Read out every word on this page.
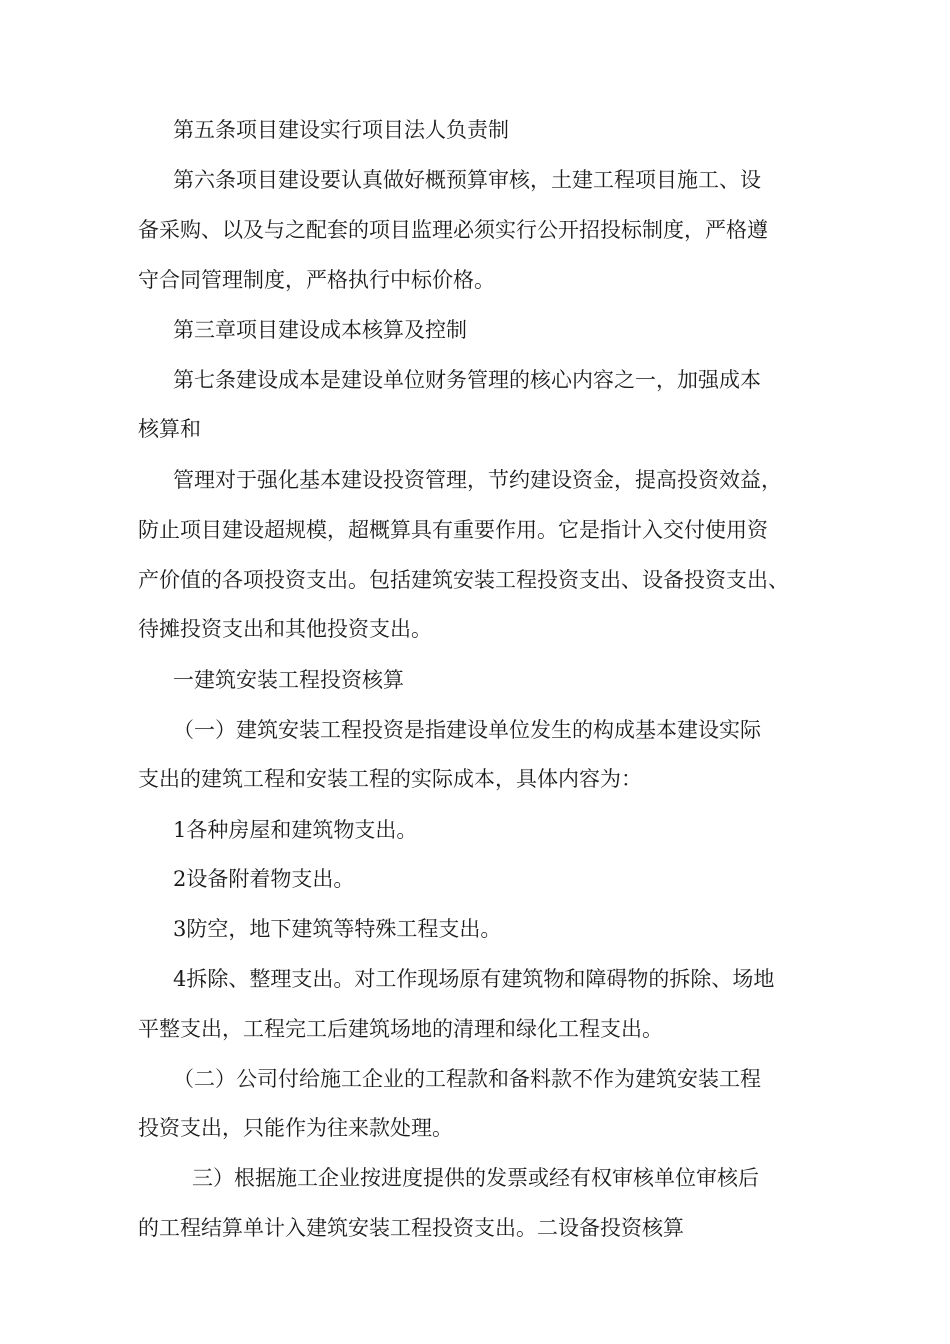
第五条项目建设实行项目法人负责制
第六条项目建设要认真做好概预算审核，土建工程项目施工、设
备采购、以及与之配套的项目监理必须实行公开招投标制度，严格遵
守合同管理制度，严格执行中标价格。
第三章项目建设成本核算及控制
第七条建设成本是建设单位财务管理的核心内容之一，加强成本
核算和
管理对于强化基本建设投资管理，节约建设资金，提高投资效益，
防止项目建设超规模，超概算具有重要作用。它是指计入交付使用资
产价值的各项投资支出。包括建筑安装工程投资支出、设备投资支出、
待摊投资支出和其他投资支出。
一建筑安装工程投资核算
（一）建筑安装工程投资是指建设单位发生的构成基本建设实际
支出的建筑工程和安装工程的实际成本，具体内容为：
1各种房屋和建筑物支出。
2设备附着物支出。
3防空，地下建筑等特殊工程支出。
4拆除、整理支出。对工作现场原有建筑物和障碍物的拆除、场地
平整支出，工程完工后建筑场地的清理和绿化工程支出。
（二）公司付给施工企业的工程款和备料款不作为建筑安装工程
投资支出，只能作为往来款处理。
三）根据施工企业按进度提供的发票或经有权审核单位审核后
的工程结算单计入建筑安装工程投资支出。二设备投资核算
